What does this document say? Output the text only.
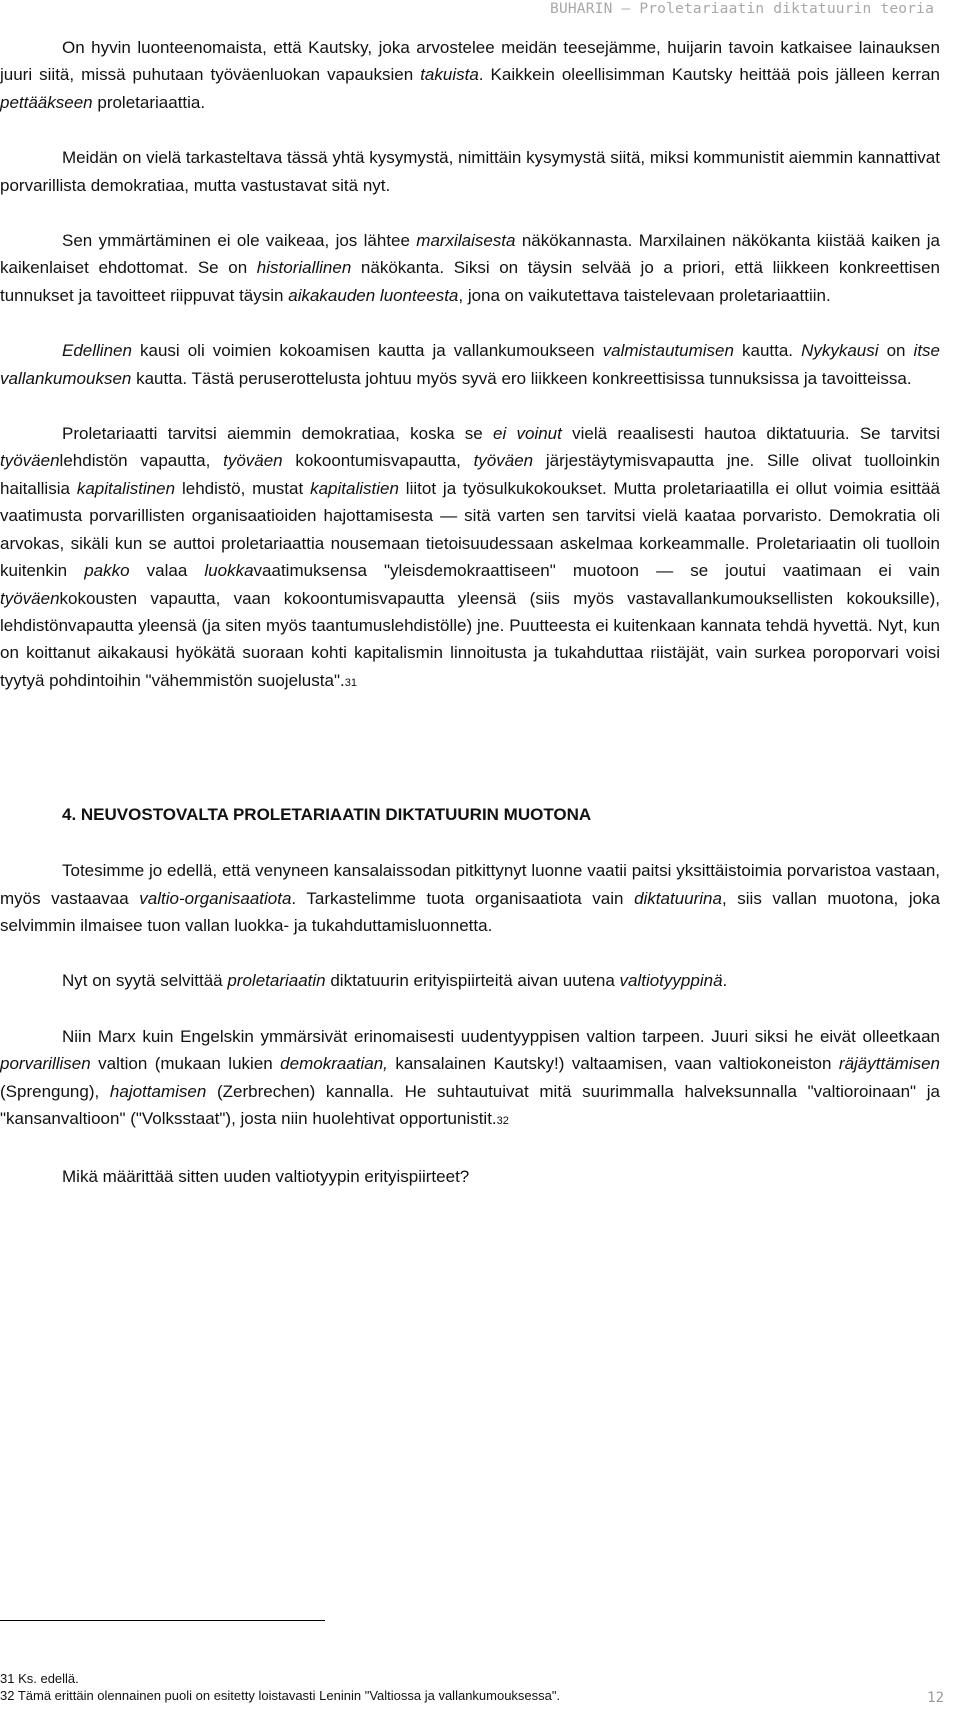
BUHARIN – Proletariaatin diktatuurin teoria

On hyvin luonteenomaista, että Kautsky, joka arvostelee meidän teesejämme, huijarin tavoin katkaisee lainauksen juuri siitä, missä puhutaan työväenluokan vapauksien takuista. Kaikkein oleellisimman Kautsky heittää pois jälleen kerran pettääkseen proletariaattia.

Meidän on vielä tarkasteltava tässä yhtä kysymystä, nimittäin kysymystä siitä, miksi kommunistit aiemmin kannattivat porvarillista demokratiaa, mutta vastustavat sitä nyt.

Sen ymmärtäminen ei ole vaikeaa, jos lähtee marxilaisesta näkökannasta. Marxilainen näkökanta kiistää kaiken ja kaikenlaiset ehdottomat. Se on historiallinen näkökanta. Siksi on täysin selvää jo a priori, että liikkeen konkreettisen tunnukset ja tavoitteet riippuvat täysin aikakauden luonteesta, jona on vaikutettava taistelevaan proletariaattiin.

Edellinen kausi oli voimien kokoamisen kautta ja vallankumoukseen valmistautumisen kautta. Nykykausi on itse vallankumouksen kautta. Tästä peruserottelusta johtuu myös syvä ero liikkeen konkreettisissa tunnuksissa ja tavoitteissa.

Proletariaatti tarvitsi aiemmin demokratiaa, koska se ei voinut vielä reaalisesti hautoa diktatuuria. Se tarvitsi työväenlehdistön vapautta, työväen kokoontumisvapautta, työväen järjestäytymisvapautta jne. Sille olivat tuolloinkin haitallisia kapitalistinen lehdistö, mustat kapitalistien liitot ja työsulkukokoukset. Mutta proletariaatilla ei ollut voimia esittää vaatimusta porvarillisten organisaatioiden hajottamisesta — sitä varten sen tarvitsi vielä kaataa porvaristo. Demokratia oli arvokas, sikäli kun se auttoi proletariaattia nousemaan tietoisuudessaan askelmaa korkeammalle. Proletariaatin oli tuolloin kuitenkin pakko valaa luokkavaatimuksensa "yleisdemokraattiseen" muotoon — se joutui vaatimaan ei vain työväenkokousten vapautta, vaan kokoontumisvapautta yleensä (siis myös vastavallankumouksellisten kokouksille), lehdistönvapautta yleensä (ja siten myös taantumuslehdistölle) jne. Puutteesta ei kuitenkaan kannata tehdä hyvettä. Nyt, kun on koittanut aikakausi hyökätä suoraan kohti kapitalismin linnoitusta ja tukahduttaa riistäjät, vain surkea poroporvari voisi tyytyä pohdintoihin "vähemmistön suojelusta".31

4. NEUVOSTOVALTA PROLETARIAATIN DIKTATUURIN MUOTONA

Totesimme jo edellä, että venyneen kansalaissodan pitkittynyt luonne vaatii paitsi yksittäistoimia porvaristoa vastaan, myös vastaavaa valtio-organisaatiota. Tarkastelimme tuota organisaatiota vain diktatuurina, siis vallan muotona, joka selvimmin ilmaisee tuon vallan luokka- ja tukahduttamisluonnetta.

Nyt on syytä selvittää proletariaatin diktatuurin erityispiirteitä aivan uutena valtiotyyppinä.

Niin Marx kuin Engelskin ymmärsivät erinomaisesti uudentyyppisen valtion tarpeen. Juuri siksi he eivät olleetkaan porvarillisen valtion (mukaan lukien demokraatian, kansalainen Kautsky!) valtaamisen, vaan valtiokoneiston räjäyttämisen (Sprengung), hajottamisen (Zerbrechen) kannalla. He suhtautuivat mitä suurimmalla halveksunnalla "valtioroinaan" ja "kansanvaltioon" ("Volksstaat"), josta niin huolehtivat opportunistit.32

Mikä määrittää sitten uuden valtiotyypin erityispiirteet?

31 Ks. edellä.
32 Tämä erittäin olennainen puoli on esitetty loistavasti Leninin "Valtiossa ja vallankumouksessa".	12
